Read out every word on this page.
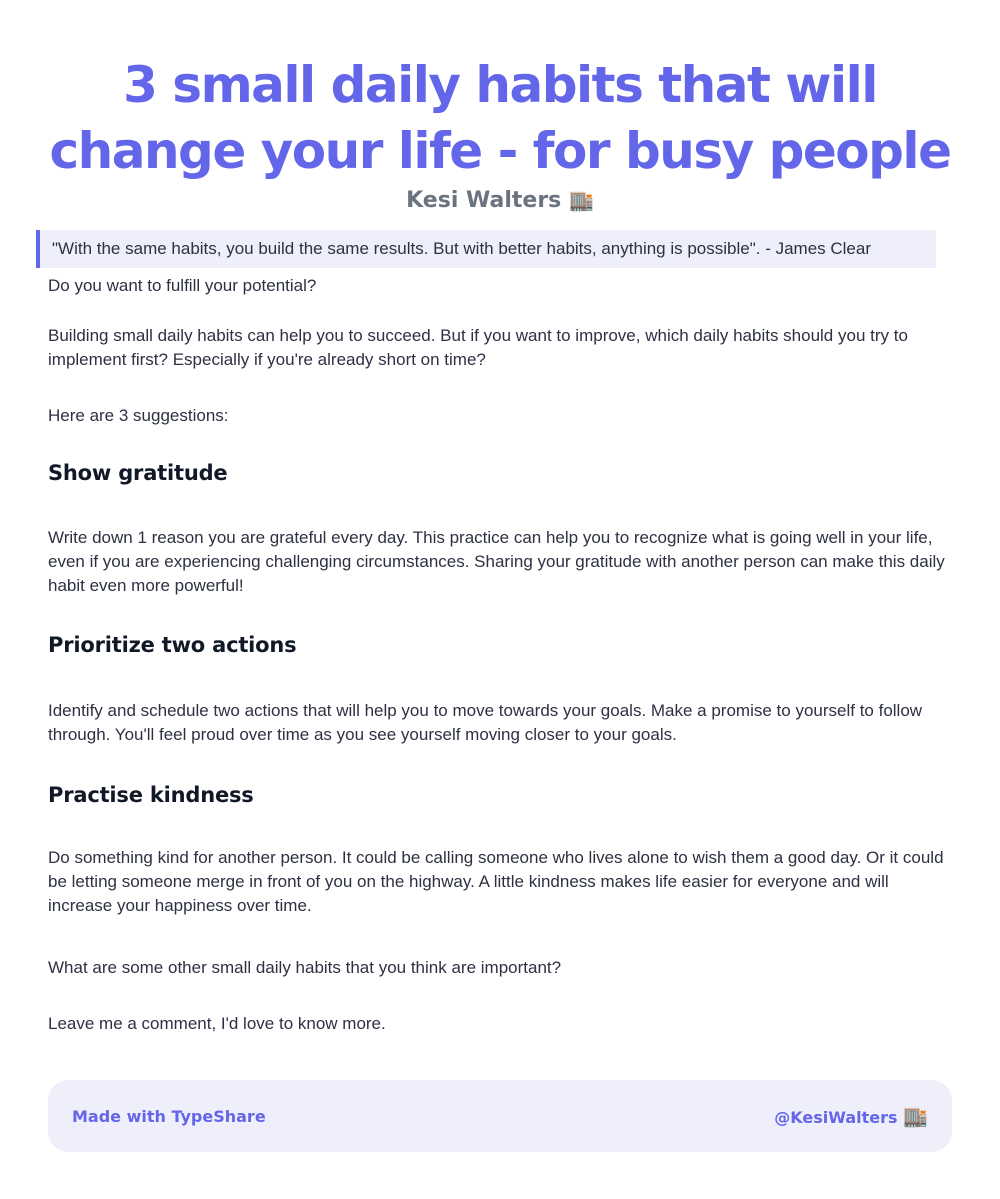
3 small daily habits that will change your life - for busy people
Kesi Walters 🏬
"With the same habits, you build the same results. But with better habits, anything is possible". - James Clear

Do you want to fulfill your potential?

Building small daily habits can help you to succeed. But if you want to improve, which daily habits should you try to implement first? Especially if you're already short on time?

Here are 3 suggestions:

Show gratitude

Write down 1 reason you are grateful every day. This practice can help you to recognize what is going well in your life, even if you are experiencing challenging circumstances. Sharing your gratitude with another person can make this daily habit even more powerful!

Prioritize two actions

Identify and schedule two actions that will help you to move towards your goals. Make a promise to yourself to follow through. You'll feel proud over time as you see yourself moving closer to your goals.

Practise kindness

Do something kind for another person. It could be calling someone who lives alone to wish them a good day. Or it could be letting someone merge in front of you on the highway. A little kindness makes life easier for everyone and will increase your happiness over time.

What are some other small daily habits that you think are important?

Leave me a comment, I'd love to know more.

Made with TypeShare	@KesiWalters 🏬
